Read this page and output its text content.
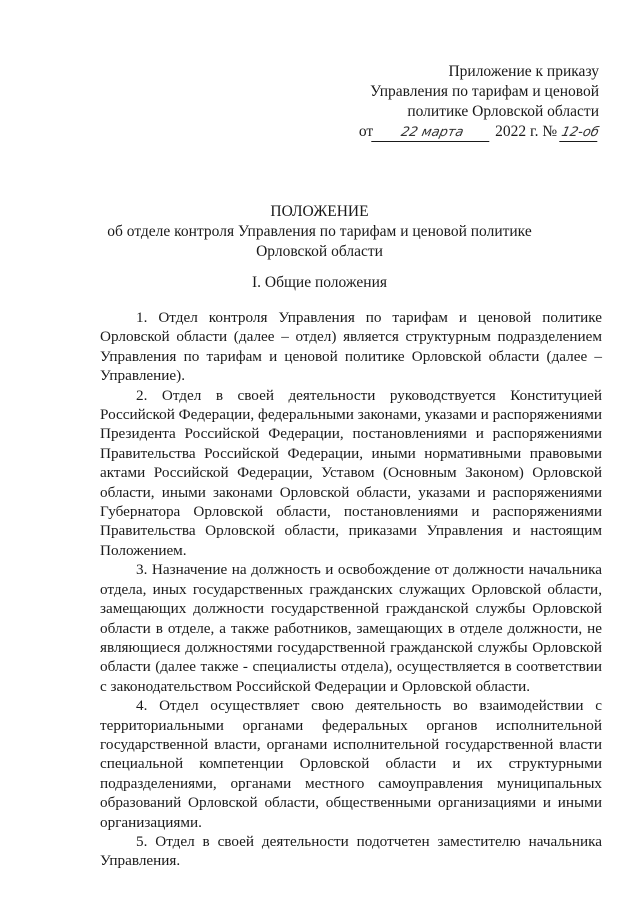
Приложение к приказу
Управления по тарифам и ценовой
политике Орловской области
от 22 марта 2022 г. № 12-об
ПОЛОЖЕНИЕ
об отделе контроля Управления по тарифам и ценовой политике
Орловской области
I. Общие положения

1. Отдел контроля Управления по тарифам и ценовой политике Орловской области (далее – отдел) является структурным подразделением Управления по тарифам и ценовой политике Орловской области (далее – Управление).

2. Отдел в своей деятельности руководствуется Конституцией Российской Федерации, федеральными законами, указами и распоряжениями Президента Российской Федерации, постановлениями и распоряжениями Правительства Российской Федерации, иными нормативными правовыми актами Российской Федерации, Уставом (Основным Законом) Орловской области, иными законами Орловской области, указами и распоряжениями Губернатора Орловской области, постановлениями и распоряжениями Правительства Орловской области, приказами Управления и настоящим Положением.

3. Назначение на должность и освобождение от должности начальника отдела, иных государственных гражданских служащих Орловской области, замещающих должности государственной гражданской службы Орловской области в отделе, а также работников, замещающих в отделе должности, не являющиеся должностями государственной гражданской службы Орловской области (далее также - специалисты отдела), осуществляется в соответствии с законодательством Российской Федерации и Орловской области.

4. Отдел осуществляет свою деятельность во взаимодействии с территориальными органами федеральных органов исполнительной государственной власти, органами исполнительной государственной власти специальной компетенции Орловской области и их структурными подразделениями, органами местного самоуправления муниципальных образований Орловской области, общественными организациями и иными организациями.

5. Отдел в своей деятельности подотчетен заместителю начальника Управления.
